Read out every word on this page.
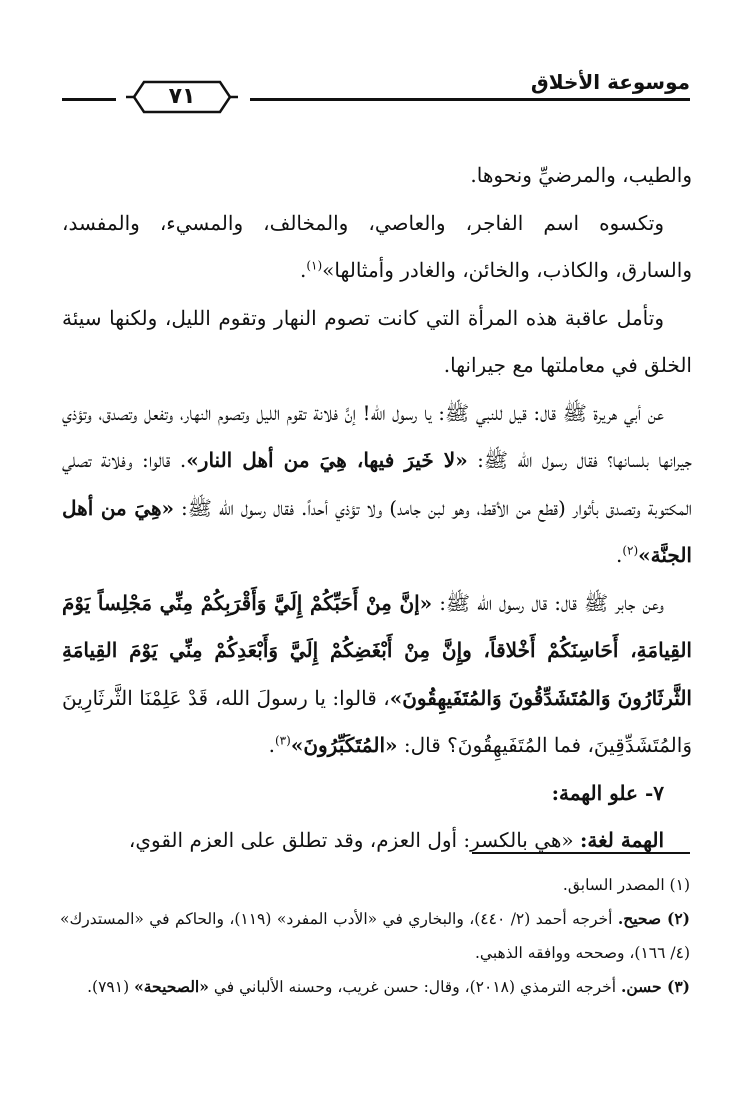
موسوعة الأخلاق
٧١

والطيب، والمرضيِّ ونحوها.

وتكسوه اسم الفاجر، والعاصي، والمخالف، والمسيء، والمفسد، والسارق، والكاذب، والخائن، والغادر وأمثالها»$^{(١)}$.

وتأمل عاقبة هذه المرأة التي كانت تصوم النهار وتقوم الليل، ولكنها سيئة الخلق في معاملتها مع جيرانها.

عن أبي هريرة ﷺ قال: قيل للنبي ﷺ: يا رسول الله! إنَّ فلانة تقوم الليل وتصوم النهار، وتفعل وتصدق، وتؤذي جيرانها بلسانها؟ فقال رسول الله ﷺ: «لا خَيرَ فيها، هِيَ من أهل النار». قالوا: وفلانة تصلي المكتوبة وتصدق بأثوار (قطع من الأقط، وهو لبن جامد) ولا تؤذي أحداً. فقال رسول الله ﷺ: «هِيَ من أهل الجنَّة»$^{(٢)}$.

وعن جابر ﷺ قال: قال رسول الله ﷺ: «إنَّ مِنْ أَحَبِّكُمْ إِلَيَّ وَأَقْرَبِكُمْ مِنِّي مَجْلِساً يَوْمَ القِيامَةِ، أَحَاسِنَكُمْ أَخْلاقاً، وإِنَّ مِنْ أَبْغَضِكُمْ إِلَيَّ وَأَبْعَدِكُمْ مِنِّي يَوْمَ القِيامَةِ الثَّرثَارُونَ وَالمُتَشَدِّقُونَ وَالمُتَفَيهِقُونَ»، قالوا: يا رسولَ الله، قَدْ عَلِمْنَا الثَّرثَارِينَ وَالمُتَشَدِّقِينَ، فما المُتَفَيهِقُونَ؟ قال: «المُتَكَبِّرُونَ»$^{(٣)}$.

٧- علو الهمة:

الهمة لغة: «هي بالكسر: أول العزم، وقد تطلق على العزم القوي،

(١) المصدر السابق.

(٢) صحيح. أخرجه أحمد (٢/ ٤٤٠)، والبخاري في «الأدب المفرد» (١١٩)، والحاكم في «المستدرك» (٤/ ١٦٦)، وصححه ووافقه الذهبي.

(٣) حسن. أخرجه الترمذي (٢٠١٨)، وقال: حسن غريب، وحسنه الألباني في «الصحيحة» (٧٩١).
